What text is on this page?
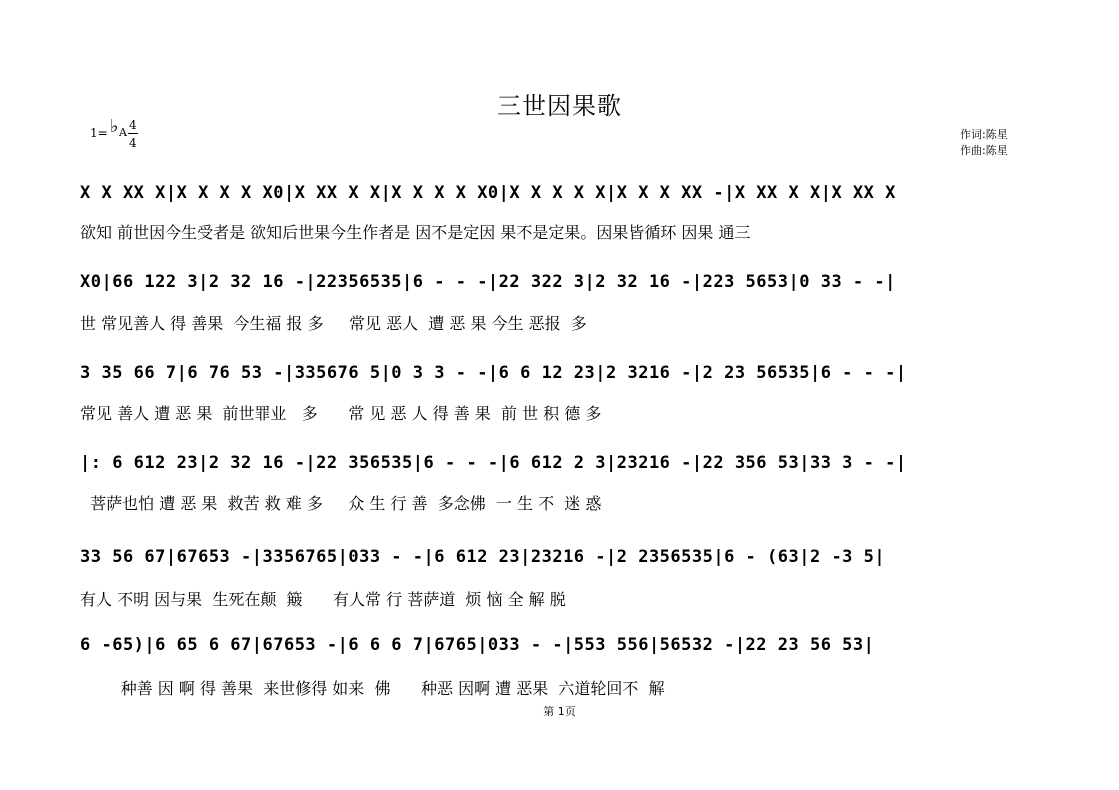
三世因果歌
1= ♭ A
4
4
作词:陈星
作曲:陈星
X X XX X|X X X X X0|X XX X X|X X X X X0|X X X X X|X X X XX -|X XX X X|X XX X
欲知 前世因今生受者是 欲知后世果今生作者是 因不是定因 果不是定果。因果皆循环 因果 通三
X0|66 122 3|2 32 16 -|22356535|6 - - -|22 322 3|2 32 16 -|223 5653|0 33 - -|
世 常见善人 得 善果  今生福 报 多     常见 恶人  遭 恶 果 今生 恶报  多
3 35 66 7|6 76 53 -|335676 5|0 3 3 - -|6 6 12 23|2 3216 -|2 23 56535|6 - - -|
常见 善人 遭 恶 果  前世罪业   多      常 见 恶 人 得 善 果  前 世 积 德 多
|: 6 612 23|2 32 16 -|22 356535|6 - - -|6 612 2 3|23216 -|22 356 53|33 3 - -|
菩萨也怕 遭 恶 果  救苦 救 难 多     众 生 行 善  多念佛  一 生 不  迷 惑
33 56 67|67653 -|3356765|033 - -|6 612 23|23216 -|2 2356535|6 - (63|2 -3 5|
有人 不明 因与果  生死在颠  簸      有人常 行 菩萨道  烦 恼 全 解 脱
6 -65)|6 65 6 67|67653 -|6 6 6 7|6765|033 - -|553 556|56532 -|22 23 56 53|
种善 因 啊 得 善果  来世修得 如来  佛      种恶 因啊 遭 恶果  六道轮回不  解
第 1页
